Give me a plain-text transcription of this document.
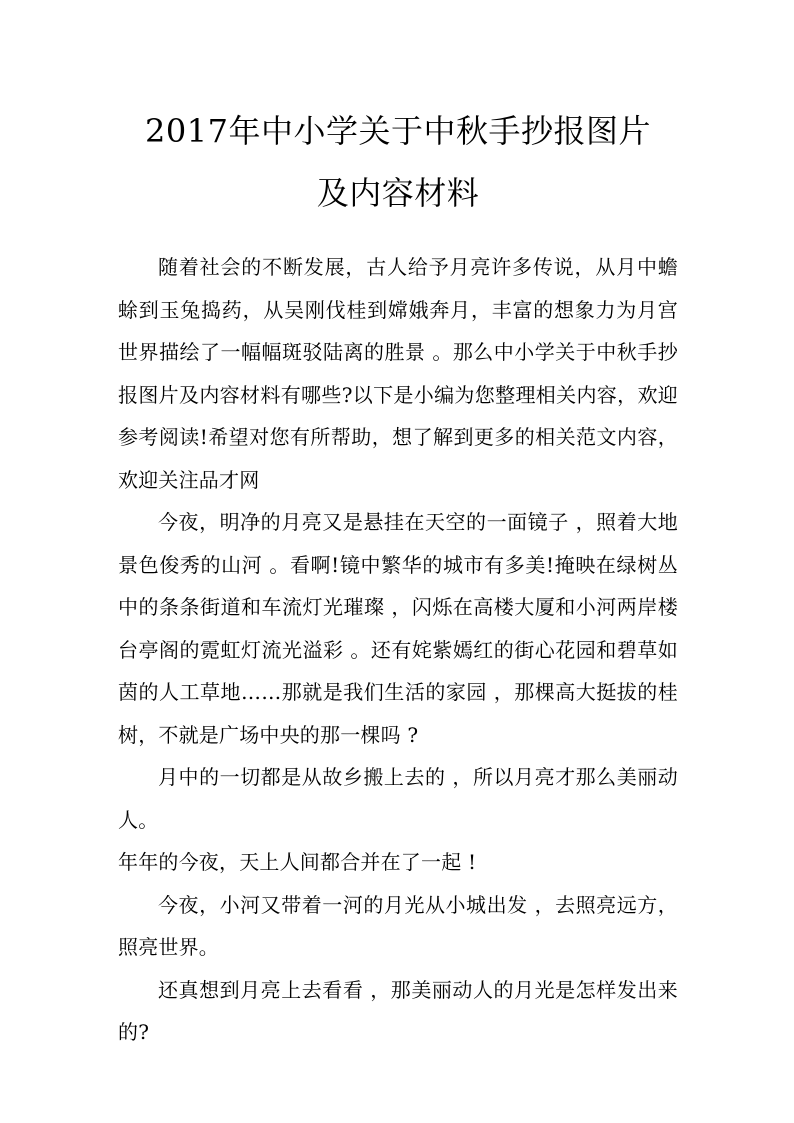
2017年中小学关于中秋手抄报图片
及内容材料

随着社会的不断发展，古人给予月亮许多传说，从月中蟾蜍到玉兔捣药，从吴刚伐桂到嫦娥奔月，丰富的想象力为月宫世界描绘了一幅幅斑驳陆离的胜景 。那么中小学关于中秋手抄报图片及内容材料有哪些?以下是小编为您整理相关内容，欢迎参考阅读!希望对您有所帮助，想了解到更多的相关范文内容，欢迎关注品才网

今夜，明净的月亮又是悬挂在天空的一面镜子 ，照着大地景色俊秀的山河 。看啊!镜中繁华的城市有多美!掩映在绿树丛中的条条街道和车流灯光璀璨 ，闪烁在高楼大厦和小河两岸楼台亭阁的霓虹灯流光溢彩 。还有姹紫嫣红的街心花园和碧草如茵的人工草地……那就是我们生活的家园 ，那棵高大挺拔的桂树，不就是广场中央的那一棵吗 ?

月中的一切都是从故乡搬上去的 ，所以月亮才那么美丽动人。

年年的今夜，天上人间都合并在了一起 !

今夜，小河又带着一河的月光从小城出发 ，去照亮远方，照亮世界。

还真想到月亮上去看看 ，那美丽动人的月光是怎样发出来的?
